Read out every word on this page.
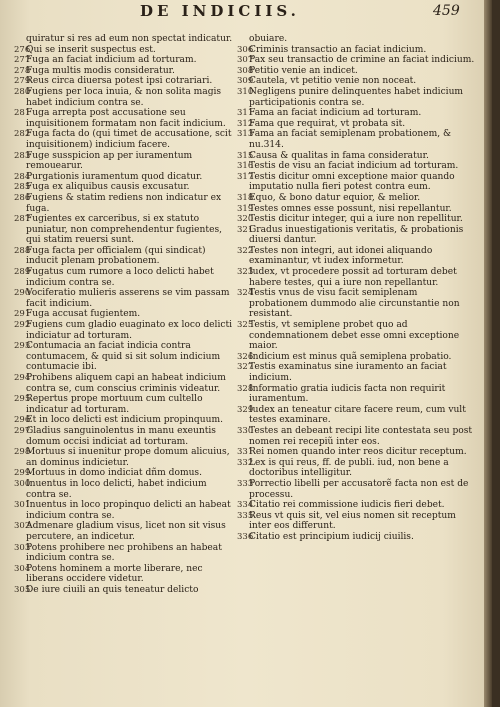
DE INDICIIS.	459
quiratur si res ad eum non spectat indicatur.
276
Qui se inserit suspectus est.
277
Fuga an faciat indicium ad torturam.
278
Fuga multis modis consideratur.
279
Reus circa diuersa potest ipsi cotrariari.
280
Fugiens per loca inuia, & non solita magis habet indicium contra se.
281
Fuga arrepta post accusatione seu inquisitionem formatam non facit indicium.
282
Fuga facta do (qui timet de accusatione, scit inquisitionem) indicium facere.
283
Fuge susspicion ap per iuramentum remouearur.
284
Purgationis iuramentum quod dicatur.
285
Fuga ex aliquibus causis excusatur.
286
Fugiens & statim rediens non indicatur ex fuga.
287
Fugientes ex carceribus, si ex statuto puniatur, non comprehendentur fugientes, qui statim reuersi sunt.
288
Fuga facta per officialem (qui sindicat) inducit plenam probationem.
289
Fugatus cum rumore a loco delicti habet indicium contra se.
290
Vociferatio mulieris asserens se vim passam facit indicium.
291
Fuga accusat fugientem.
292
Fugiens cum gladio euaginato ex loco delicti indiciatur ad torturam.
293
Contumacia an faciat indicia contra contumacem, & quid si sit solum indicium contumacie ibi.
294
Prohibens aliquem capi an habeat indicium contra se, cum conscius criminis videatur.
295
Repertus prope mortuum cum cultello indicatur ad torturam.
296
Et in loco delicti est indicium propinquum.
297
Gladius sanguinolentus in manu exeuntis domum occisi indiciat ad torturam.
298
Mortuus si inuenitur prope domum alicuius, an dominus indicietur.
299
Mortuus in domo indiciat dñm domus.
300
Inuentus in loco delicti, habet indicium contra se.
301
Inuentus in loco propinquo delicti an habeat indicium contra se.
302
Admenare gladium visus, licet non sit visus percutere, an indicetur.
303
Potens prohibere nec prohibens an habeat indicium contra se.
304
Potens hominem a morte liberare, nec liberans occidere videtur.
305
De iure ciuili an quis teneatur delicto
obuiare.
306
Criminis transactio an faciat indicium.
307
Pax seu transactio de crimine an faciat indicium.
308
Petitio venie an indicet.
309
Cautela, vt petitio venie non noceat.
310
Negligens punire delinquentes habet indicium participationis contra se.
311
Fama an faciat indicium ad torturam.
312
Fama que requirat, vt probata sit.
313
Fama an faciat semiplenam probationem, & nu.314.
315
Causa & qualitas in fama consideratur.
316
Testis de visu an faciat indicium ad torturam.
317
Testis dicitur omni exceptione maior quando imputatio nulla fieri potest contra eum.
318
Equo, & bono datur equior, & melior.
319
Testes omnes esse possunt, nisi repellantur.
320
Testis dicitur integer, qui a iure non repellitur.
321
Gradus inuestigationis veritatis, & probationis diuersi dantur.
322
Testes non integri, aut idonei aliquando examinantur, vt iudex informetur.
323
Iudex, vt procedere possit ad torturam debet habere testes, qui a iure non repellantur.
324
Testis vnus de visu facit semiplenam probationem dummodo alie circunstantie non resistant.
325
Testis, vt semiplene probet quo ad condemnationem debet esse omni exceptione maior.
326
Indicium est minus quã semiplena probatio.
327
Testis examinatus sine iuramento an faciat indicium.
328
Informatio gratia iudicis facta non requirit iuramentum.
329
Iudex an teneatur citare facere reum, cum vult testes examinare.
330
Testes an debeant recipi lite contestata seu post nomen rei recepiũ inter eos.
331
Rei nomen quando inter reos dicitur receptum.
332
Lex is qui reus, ff. de publi. iud, non bene a doctoribus intelligitur.
333
Porrectio libelli per accusatorẽ facta non est de processu.
334
Citatio rei commissione iudicis fieri debet.
335
Reus vt quis sit, vel eius nomen sit receptum inter eos differunt.
336
Citatio est principium iudicij ciuilis.
